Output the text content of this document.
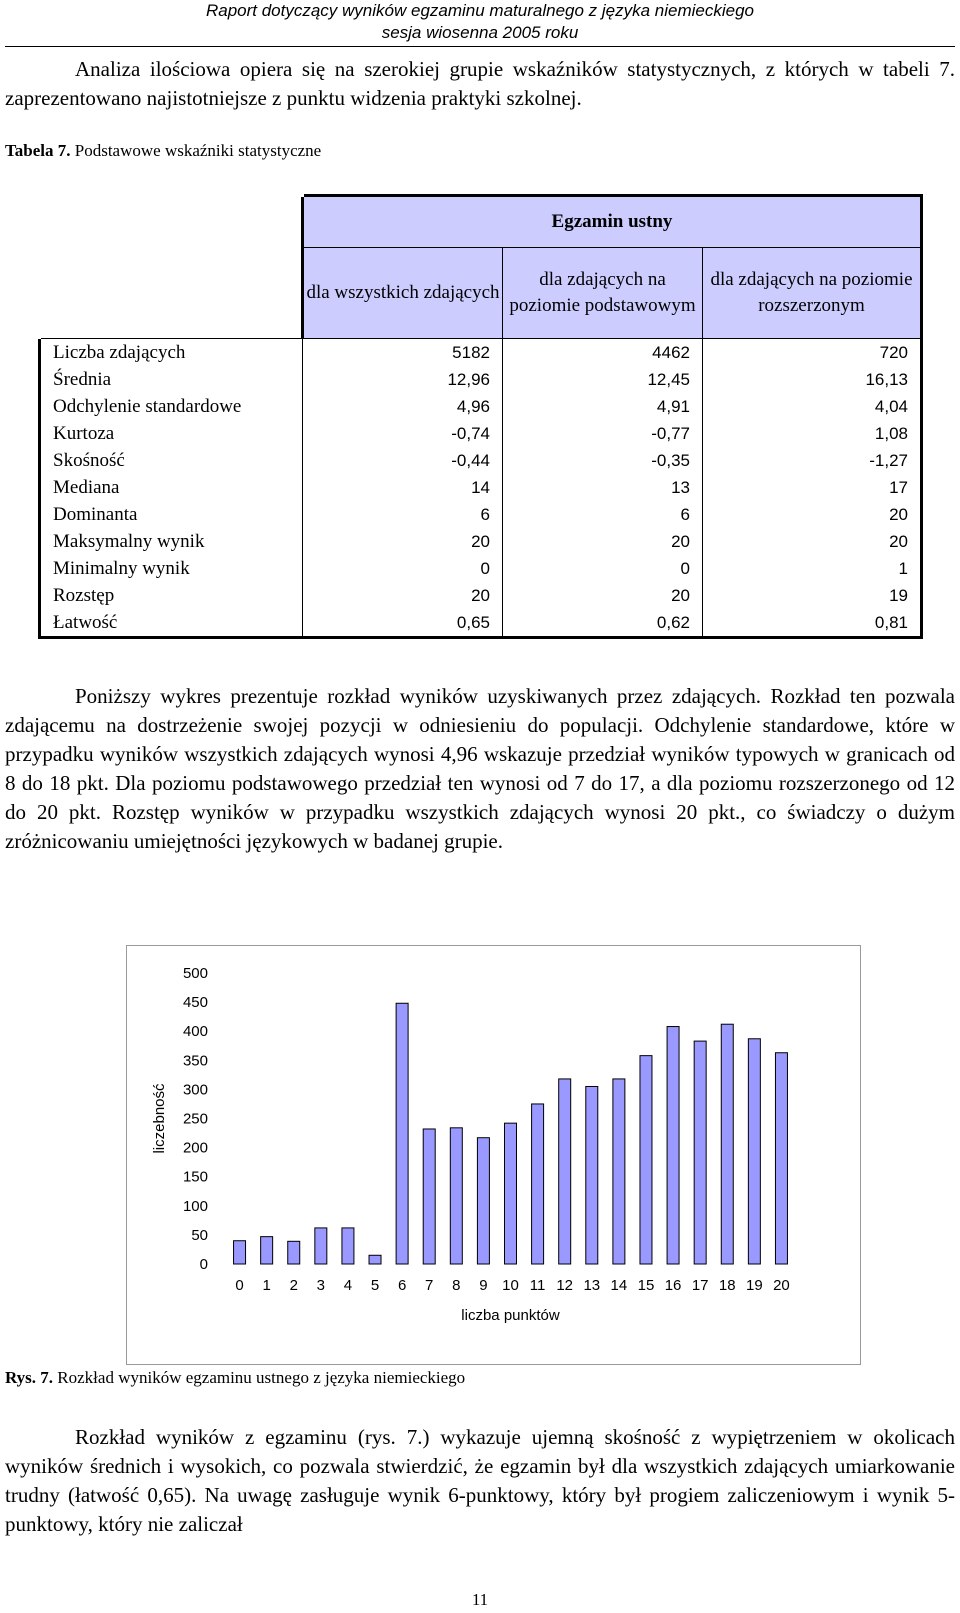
Raport dotyczący wyników egzaminu maturalnego z języka niemieckiego
sesja wiosenna 2005 roku

Analiza ilościowa opiera się na szerokiej grupie wskaźników statystycznych, z których w tabeli 7. zaprezentowano najistotniejsze z punktu widzenia praktyki szkolnej.

Tabela 7. Podstawowe wskaźniki statystyczne
	Egzamin ustny		
	dla wszystkich zdających	dla zdających na poziomie podstawowym	dla zdających na poziomie rozszerzonym
Liczba zdających	5182	4462	720
Średnia	12,96	12,45	16,13
Odchylenie standardowe	4,96	4,91	4,04
Kurtoza	-0,74	-0,77	1,08
Skośność	-0,44	-0,35	-1,27
Mediana	14	13	17
Dominanta	6	6	20
Maksymalny wynik	20	20	20
Minimalny wynik	0	0	1
Rozstęp	20	20	19
Łatwość	0,65	0,62	0,81

Poniższy wykres prezentuje rozkład wyników uzyskiwanych przez zdających. Rozkład ten pozwala zdającemu na dostrzeżenie swojej pozycji w odniesieniu do populacji. Odchylenie standardowe, które w przypadku wyników wszystkich zdających wynosi 4,96 wskazuje przedział wyników typowych w granicach od 8 do 18 pkt. Dla poziomu podstawowego przedział ten wynosi od 7 do 17, a dla poziomu rozszerzonego od 12 do 20 pkt. Rozstęp wyników w przypadku wszystkich zdających wynosi 20 pkt., co świadczy o dużym zróżnicowaniu umiejętności językowych w badanej grupie.

0
50
100
150
200
250
300
350
400
450
500
0 1 2 3 4 5 6 7 8 9 10 11 12 13 14 15 16 17 18 19 20
liczba punktów
liczebność
Rys. 7. Rozkład wyników egzaminu ustnego z języka niemieckiego

Rozkład wyników z egzaminu (rys. 7.) wykazuje ujemną skośność z wypiętrzeniem w okolicach wyników średnich i wysokich, co pozwala stwierdzić, że egzamin był dla wszystkich zdających umiarkowanie trudny (łatwość 0,65). Na uwagę zasługuje wynik 6-punktowy, który był progiem zaliczeniowym i wynik 5-punktowy, który nie zaliczał

11
